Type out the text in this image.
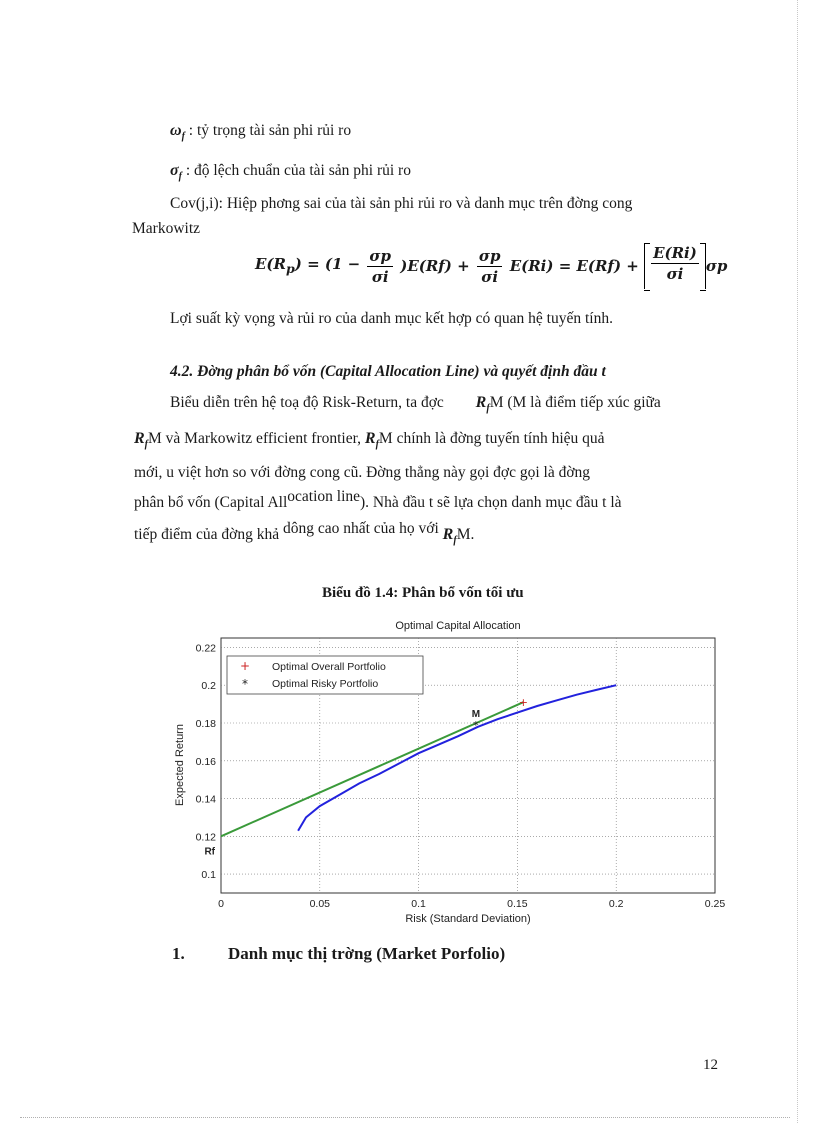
$\omega_f$ : tỷ trọng tài sản phi rủi ro
$\sigma_f$ : độ lệch chuẩn của tài sản phi rủi ro
Cov(j,i): Hiệp phơng sai của tài sản phi rủi ro và danh mục trên đờng cong
Markowitz
$E(R_p) = (1 - \frac{\sigma p}{\sigma i} )E(Rf) + \frac{\sigma p}{\sigma i} E(Ri) = E(Rf) + \frac{E(Ri)}{\sigma i}$ σp
Lợi suất kỳ vọng và rủi ro của danh mục kết hợp có quan hệ tuyến tính.
4.2. Đờng phân bổ vốn (Capital Allocation Line) và quyết định đầu t
Biểu diễn trên hệ toạ độ Risk-Return, ta đợc $R_fM$ (M là điểm tiếp xúc giữa
$R_fM$ và Markowitz efficient frontier, $R_fM$ chính là đờng tuyến tính hiệu quả
mới, u việt hơn so với đờng cong cũ. Đờng thẳng này gọi đợc gọi là đờng
phân bổ vốn (Capital Allocation line). Nhà đầu t sẽ lựa chọn danh mục đầu t là
tiếp điểm của đờng khả dông cao nhất của họ với $R_fM$.
Biểu đồ 1.4: Phân bổ vốn tối ưu
Optimal Capital Allocation
0	0.05	0.1	0.15	0.2	0.25
0.1
0.12
0.14
0.16
0.18
0.2
0.22
*
+
M
Rf
Risk (Standard Deviation)
Expected Return
+ Optimal Overall Portfolio
* Optimal Risky Portfolio
1.	Danh mục thị trờng (Market Porfolio)
12
